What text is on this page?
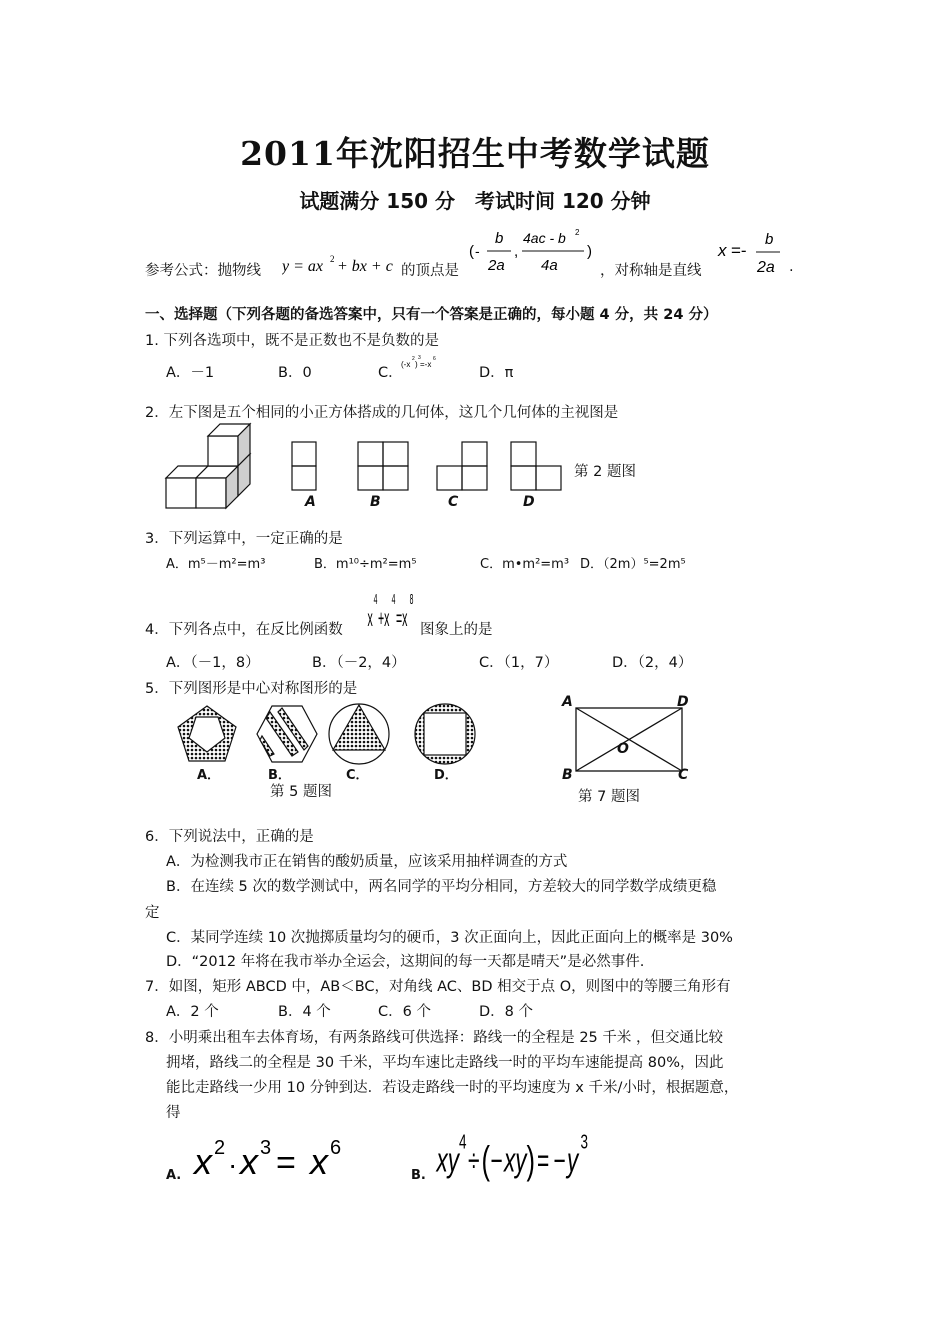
2011年沈阳招生中考数学试题
试题满分 150 分　考试时间 120 分钟
参考公式：抛物线 y = ax 2 + bx + c 的顶点是
( -
b
2a
,
4ac - b 2
4a
)
，对称轴是直线
x =-
b
2a .
一、选择题（下列各题的备选答案中，只有一个答案是正确的，每小题 4 分，共 24 分）
1. 下列各选项中，既不是正数也不是负数的是
A．－1	B．0	C．
(-x
2
)
3
=-x
6
D．π
2．左下图是五个相同的小正方体搭成的几何体，这几个几何体的主视图是
A	B	C	D
第 2 题图
3．下列运算中，一定正确的是
A．m⁵－m²=m³	B．m¹⁰÷m²=m⁵	C．m•m²=m³ D．（2m）⁵=2m⁵
x
4
+x
4
=x
8
4．下列各点中，在反比例函数	图象上的是
A．（－1，8）	B．（－2，4）	C．（1，7）	D．（2，4）
5．下列图形是中心对称图形的是
A．	B．	C．	D．
第 5 题图
A	D
O
B	C
第 7 题图
6．下列说法中，正确的是
A．为检测我市正在销售的酸奶质量，应该采用抽样调查的方式
B．在连续 5 次的数学测试中，两名同学的平均分相同，方差较大的同学数学成绩更稳
定
C．某同学连续 10 次抛掷质量均匀的硬币，3 次正面向上，因此正面向上的概率是 30%
D．“2012 年将在我市举办全运会，这期间的每一天都是晴天”是必然事件.
7．如图，矩形 ABCD 中，AB＜BC，对角线 AC、BD 相交于点 O，则图中的等腰三角形有
A．2 个	B．4 个	C．6 个	D．8 个
8．小明乘出租车去体育场，有两条路线可供选择：路线一的全程是 25 千米 ，但交通比较
拥堵，路线二的全程是 30 千米，平均车速比走路线一时的平均车速能提高 80%，因此
能比走路线一少用 10 分钟到达．若设走路线一时的平均速度为 x 千米/小时，根据题意，
得
A. x 2
· x 3 = x 6
B. xy
4
÷ ( − xy ) = − y
3
